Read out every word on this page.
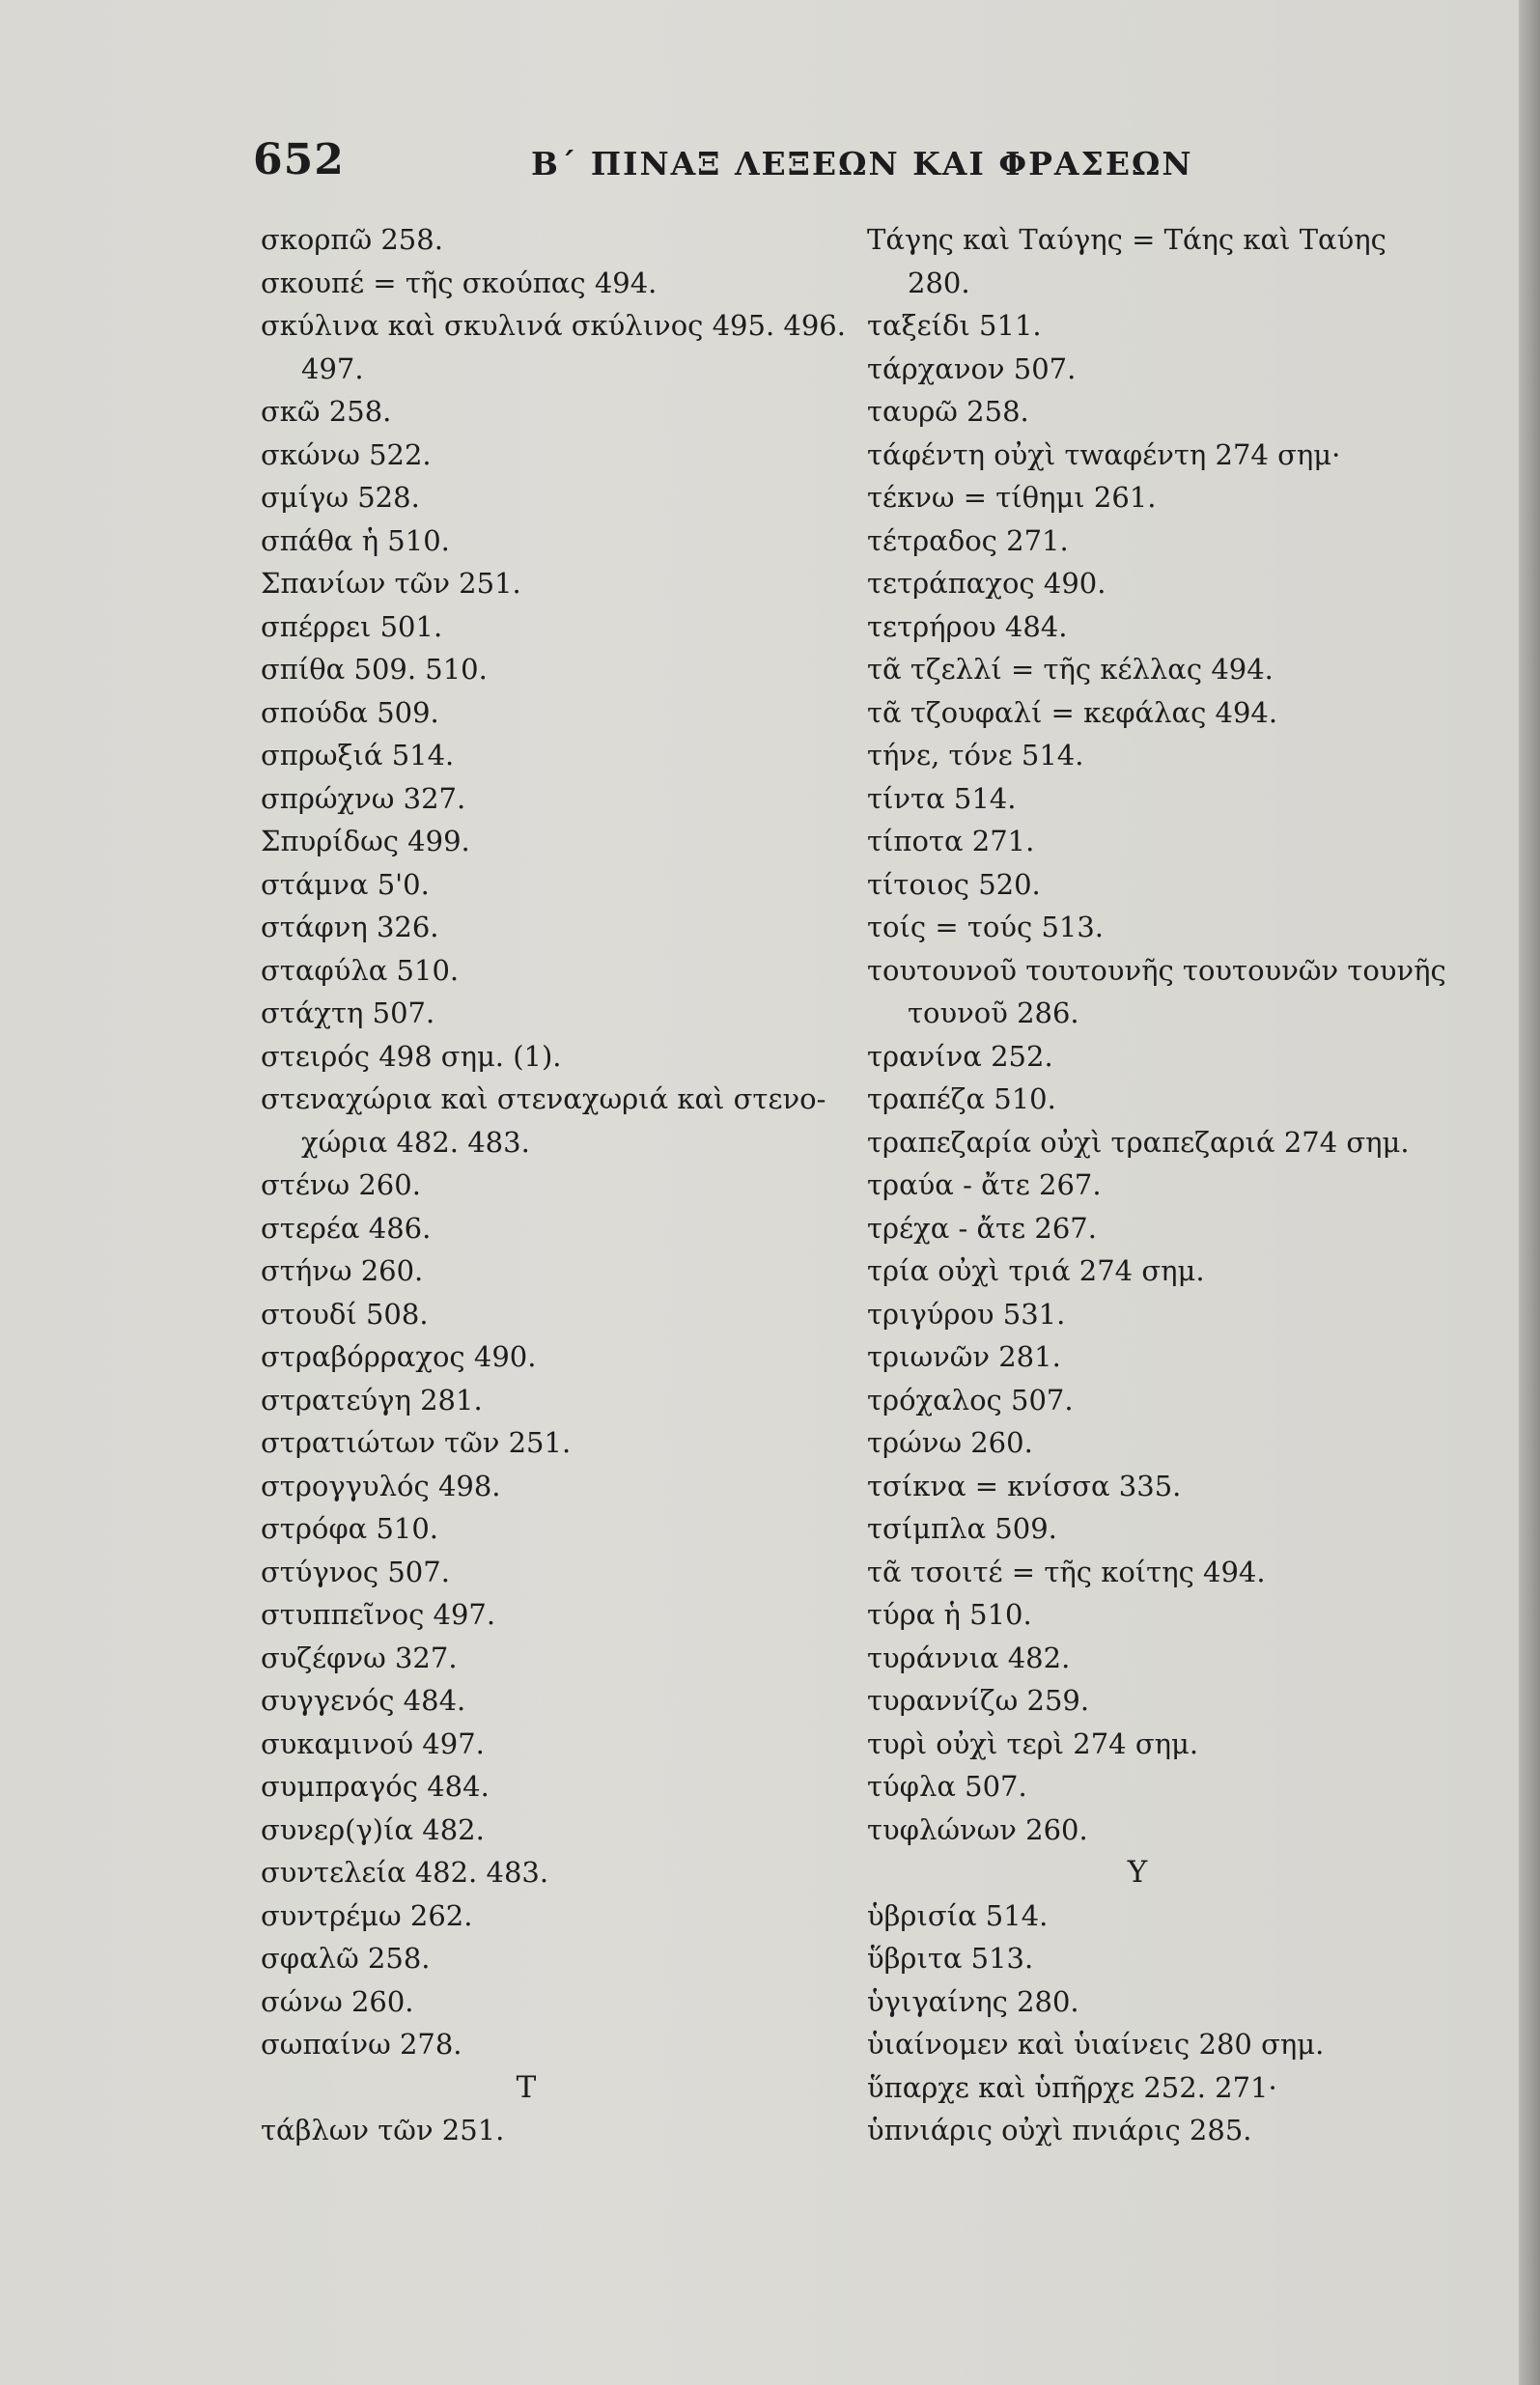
652	Β΄ ΠΙΝΑΞ ΛΕΞΕΩΝ ΚΑΙ ΦΡΑΣΕΩΝ
σκορπῶ 258.
σκουπέ = τῆς σκούπας 494.
σκύλινα καὶ σκυλινά σκύλινος 495. 496.
497.
σκῶ 258.
σκώνω 522.
σμίγω 528.
σπάθα ἡ 510.
Σπανίων τῶν 251.
σπέρρει 501.
σπίθα 509. 510.
σπούδα 509.
σπρωξιά 514.
σπρώχνω 327.
Σπυρίδως 499.
στάμνα 5'0.
στάφνη 326.
σταφύλα 510.
στάχτη 507.
στειρός 498 σημ. (1).
στεναχώρια καὶ στεναχωριά καὶ στενο-
χώρια 482. 483.
στένω 260.
στερέα 486.
στήνω 260.
στουδί 508.
στραβόρραχος 490.
στρατεύγη 281.
στρατιώτων τῶν 251.
στρογγυλός 498.
στρόφα 510.
στύγνος 507.
στυππεῖνος 497.
συζέφνω 327.
συγγενός 484.
συκαμινού 497.
συμπραγός 484.
συνερ(γ)ία 482.
συντελεία 482. 483.
συντρέμω 262.
σφαλῶ 258.
σώνω 260.
σωπαίνω 278.
Τ
τάβλων τῶν 251.
Τάγης καὶ Ταύγης = Τάης καὶ Ταύης
280.
ταξείδι 511.
τάρχανον 507.
ταυρῶ 258.
τάφέντη οὐχὶ τwαφέντη 274 σημ·
τέκνω = τίθημι 261.
τέτραδος 271.
τετράπαχος 490.
τετρήρου 484.
τᾶ τζελλί = τῆς κέλλας 494.
τᾶ τζουφαλί = κεφάλας 494.
τήνε, τόνε 514.
τίντα 514.
τίποτα 271.
τίτοιος 520.
τοίς = τούς 513.
τουτουνοῦ τουτουνῆς τουτουνῶν τουνῆς
τουνοῦ 286.
τρανίνα 252.
τραπέζα 510.
τραπεζαρία οὐχὶ τραπεζαριά 274 σημ.
τραύα - ἄτε 267.
τρέχα - ἄτε 267.
τρία οὐχὶ τριά 274 σημ.
τριγύρου 531.
τριωνῶν 281.
τρόχαλος 507.
τρώνω 260.
τσίκνα = κνίσσα 335.
τσίμπλα 509.
τᾶ τσοιτέ = τῆς κοίτης 494.
τύρα ἡ 510.
τυράννια 482.
τυραννίζω 259.
τυρὶ οὐχὶ τερὶ 274 σημ.
τύφλα 507.
τυφλώνων 260.
Υ
ὑβρισία 514.
ὕβριτα 513.
ὑγιγαίνης 280.
ὑιαίνομεν καὶ ὑιαίνεις 280 σημ.
ὕπαρχε καὶ ὑπῆρχε 252. 271·
ὑπνιάρις οὐχὶ πνιάρις 285.
